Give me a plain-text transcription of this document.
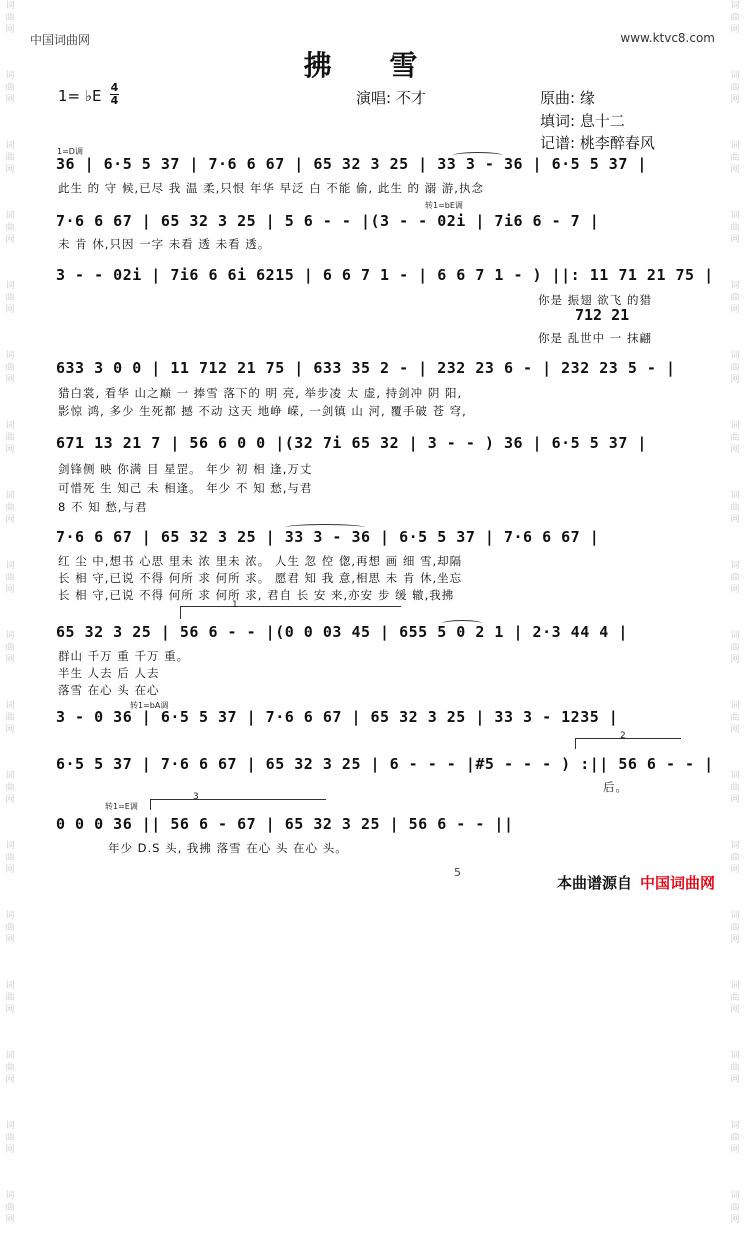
词曲网
词曲网
词曲网
词曲网
词曲网
词曲网
词曲网
词曲网
词曲网
词曲网
词曲网
词曲网
词曲网
词曲网
词曲网
词曲网
词曲网
词曲网
词曲网
词曲网
词曲网
词曲网
词曲网
词曲网
词曲网
词曲网
词曲网
词曲网
词曲网
词曲网
词曲网
词曲网
词曲网
词曲网
词曲网
词曲网
中国词曲网	www.ktvc8.com
拂 雪
1= ♭E 4
4	演唱: 不才	原曲: 缘
填词: 息十二
记谱: 桃李醉春风
1=D调
转1=bE调
转1=bA调
转1=E调
1
2
3
36 | 6·5 5 37 | 7·6 6 67 | 65 32 3 25 | 33 3 - 36 | 6·5 5 37 |
此生 的 守 候,已尽 我 温 柔,只恨 年华 早泛 白 不能 偷, 此生 的 溺 游,执念
7·6 6 67 | 65 32 3 25 | 5 6 - - |(3 - - 02i | 7i6 6 - 7 |
未 肯 休,只因 一字 未看 透 未看 透。
3 - - 02i | 7i6 6 6i 6215 | 6 6 7 1 - | 6 6 7 1 - ) ||: 11 71 21 75 |
你是 振翅 欲飞 的猎
712 21
你是 乱世中 一 抹翩
633 3 0 0 | 11 712 21 75 | 633 35 2 - | 232 23 6 - | 232 23 5 - |
猎白裳, 看华 山之巅 一 捧雪 落下的 明 亮, 举步凌 太 虚, 持剑冲 阴 阳,
影惊 鸿, 多少 生死都 撼 不动 这天 地峥 嵘, 一剑镇 山 河, 覆手破 苍 穹,
671 13 21 7 | 56 6 0 0 |(32 7i 65 32 | 3 - - ) 36 | 6·5 5 37 |
剑锋侧 映 你满 目 星罡。 年少 初 相 逢,万丈
可惜死 生 知己 未 相逢。 年少 不 知 愁,与君
8 不 知 愁,与君
7·6 6 67 | 65 32 3 25 | 33 3 - 36 | 6·5 5 37 | 7·6 6 67 |
红 尘 中,想书 心思 里未 浓 里未 浓。 人生 忽 倥 偬,再想 画 细 雪,却隔
长 相 守,已说 不得 何所 求 何所 求。 愿君 知 我 意,相思 未 肯 休,坐忘
长 相 守,已说 不得 何所 求 何所 求, 君自 长 安 来,亦安 步 缓 辙,我拂
65 32 3 25 | 56 6 - - |(0 0 03 45 | 655 5 0 2 1 | 2·3 44 4 |
群山 千万 重 千万 重。
半生 人去 后 人去
落雪 在心 头 在心
3 - 0 36 | 6·5 5 37 | 7·6 6 67 | 65 32 3 25 | 33 3 - 1235 |
6·5 5 37 | 7·6 6 67 | 65 32 3 25 | 6 - - - |#5 - - - ) :|| 56 6 - - |
后。
0 0 0 36 || 56 6 - 67 | 65 32 3 25 | 56 6 - - ||
年少 D.S 头, 我拂 落雪 在心 头 在心 头。
5
本曲谱源自 中国词曲网
